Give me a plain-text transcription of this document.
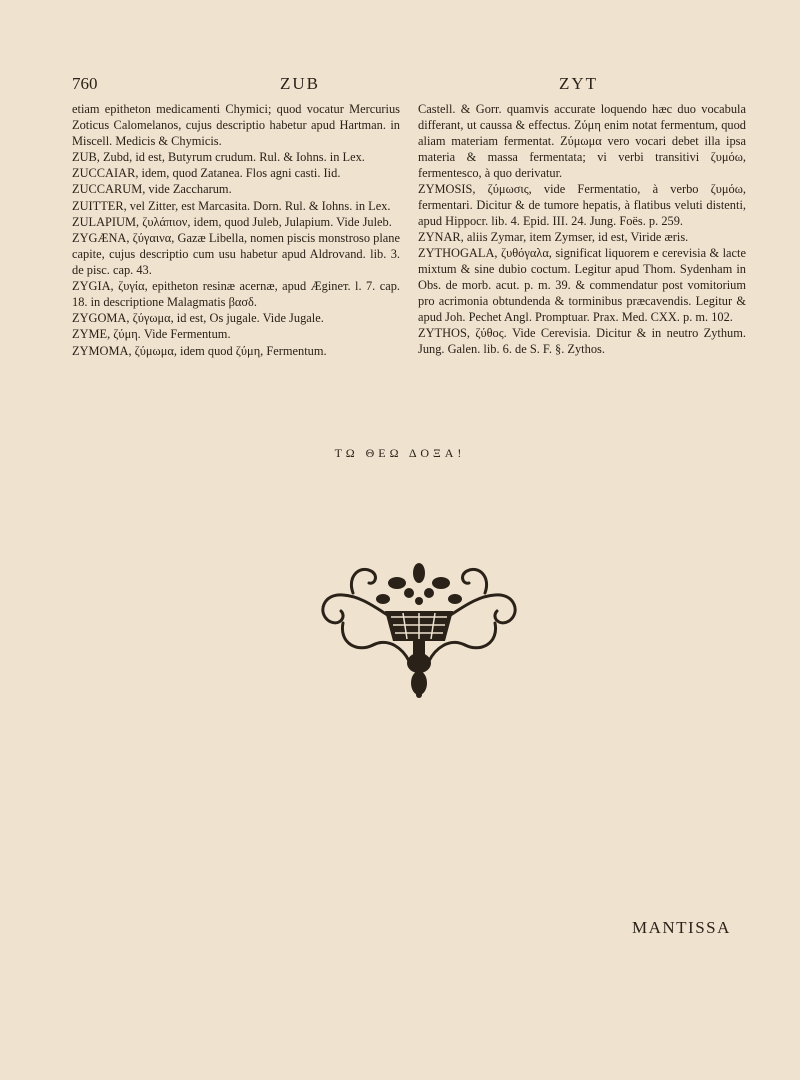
760	ZUB	ZYT

etiam epitheton medicamenti Chymici; quod vocatur Mercurius Zoticus Calomelanos, cujus descriptio habetur apud Hartman. in Miscell. Medicis & Chymicis.

ZUB, Zubd, id est, Butyrum crudum. Rul. & Iohns. in Lex.

ZUCCAIAR, idem, quod Zatanea. Flos agni casti. Iid.

ZUCCARUM, vide Zaccharum.

ZUITTER, vel Zitter, est Marcasita. Dorn. Rul. & Iohns. in Lex.

ZULAPIUM, ζυλάπιον, idem, quod Juleb, Julapium. Vide Juleb.

ZYGÆNA, ζύγαινα, Gazæ Libella, nomen piscis monstroso plane capite, cujus descriptio cum usu habetur apud Aldrovand. lib. 3. de pisc. cap. 43.

ZYGIA, ζυγία, epitheton resinæ acernæ, apud Ægineт. l. 7. cap. 18. in descriptione Malagmatis βασδ.

ZYGOMA, ζύγωμα, id est, Os jugale. Vide Jugale.

ZYME, ζύμη. Vide Fermentum.

ZYMOMA, ζύμωμα, idem quod ζύμη, Fermentum.

Castell. & Gorr. quamvis accurate loquendo hæc duo vocabula differant, ut caussa & effectus. Ζύμη enim notat fermentum, quod aliam materiam fermentat. Ζύμωμα vero vocari debet illa ipsa materia & massa fermentata; vi verbi transitivi ζυμόω, fermentesco, à quo derivatur.

ZYMOSIS, ζύμωσις, vide Fermentatio, à verbo ζυμόω, fermentari. Dicitur & de tumore hepatis, à flatibus veluti distenti, apud Hippocr. lib. 4. Epid. III. 24. Jung. Foës. p. 259.

ZYNAR, aliis Zymar, item Zymser, id est, Viride æris.

ZYTHOGALA, ζυθόγαλα, significat liquorem e cerevisia & lacte mixtum & sine dubio coctum. Legitur apud Thom. Sydenham in Obs. de morb. acut. p. m. 39. & commendatur post vomitorium pro acrimonia obtundenda & torminibus præcavendis. Legitur & apud Joh. Pechet Angl. Promptuar. Prax. Med. CXX. p. m. 102.

ZYTHOS, ζύθος. Vide Cerevisia. Dicitur & in neutro Zythum. Jung. Galen. lib. 6. de S. F. §. Zythos.

ΤΩ ΘΕΩ ΔΟΞΑ!
MANTISSA
